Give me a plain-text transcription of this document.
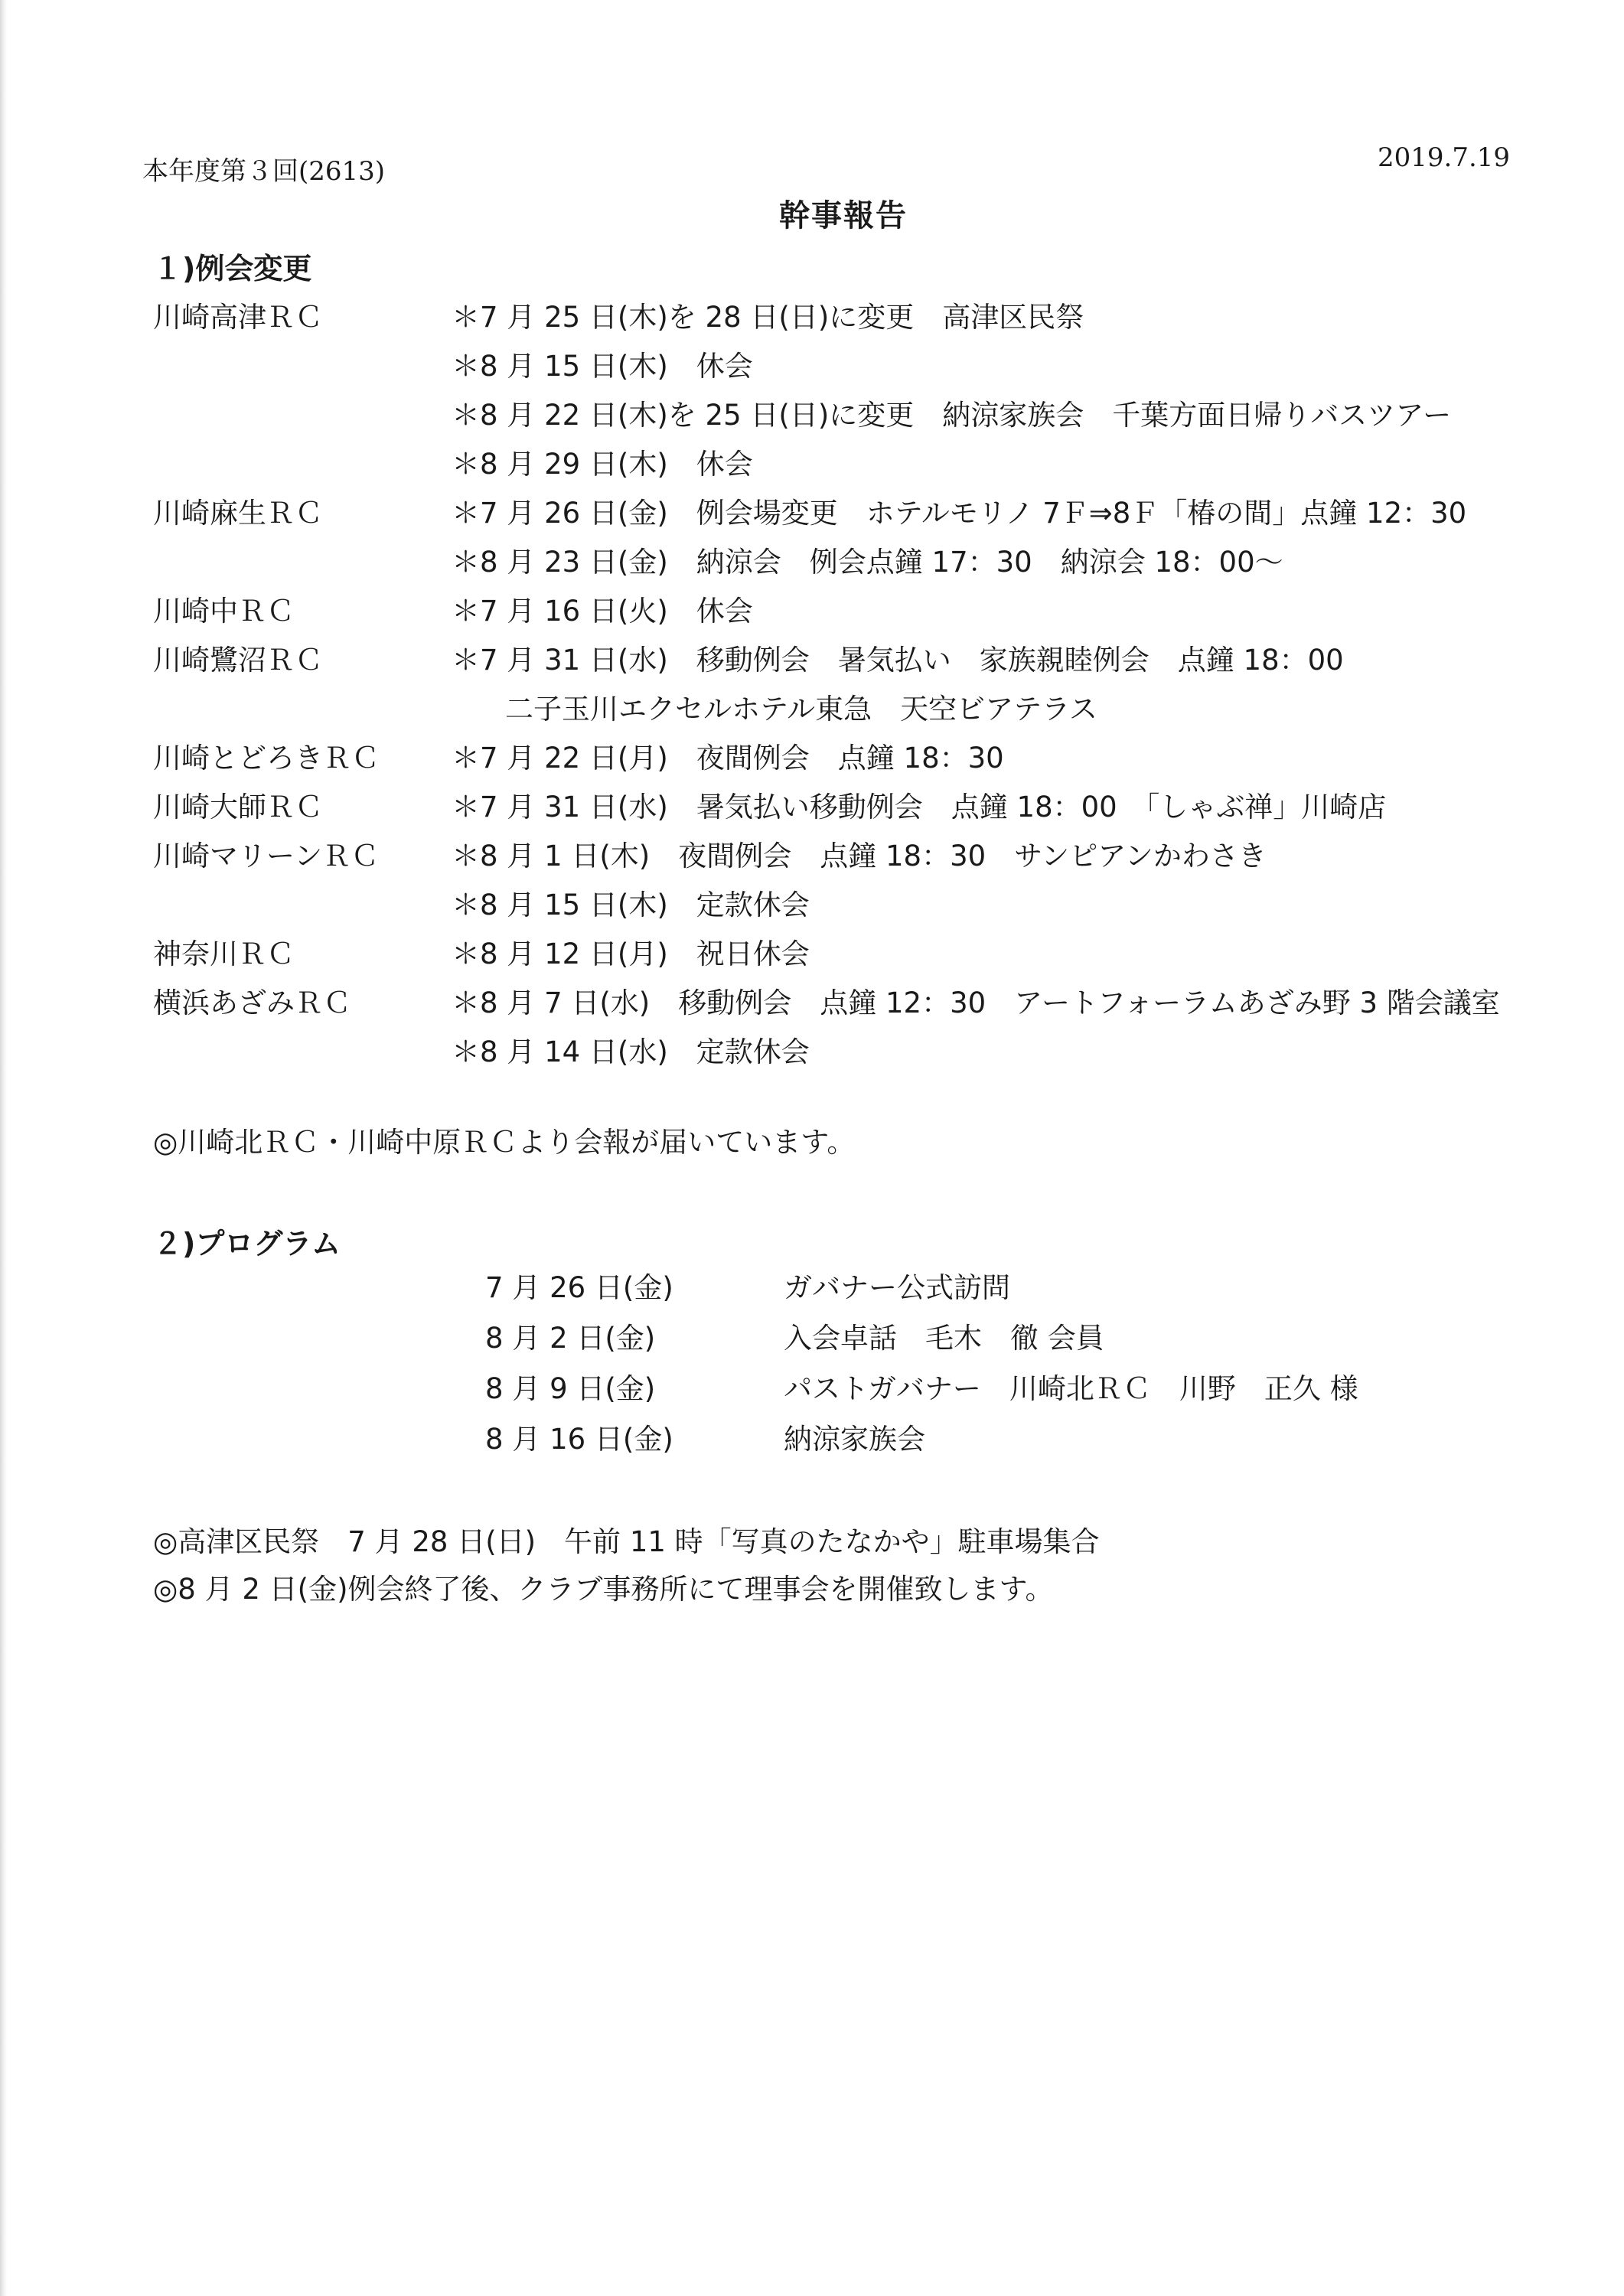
本年度第３回(2613)	2019.7.19
幹事報告
１)例会変更
川崎高津ＲＣ	＊7 月 25 日(木)を 28 日(日)に変更　高津区民祭
＊8 月 15 日(木)　休会
＊8 月 22 日(木)を 25 日(日)に変更　納涼家族会　千葉方面日帰りバスツアー
＊8 月 29 日(木)　休会
川崎麻生ＲＣ	＊7 月 26 日(金)　例会場変更　ホテルモリノ 7Ｆ⇒8Ｆ「椿の間」点鐘 12：30
＊8 月 23 日(金)　納涼会　例会点鐘 17：30　納涼会 18：00～
川崎中ＲＣ	＊7 月 16 日(火)　休会
川崎鷺沼ＲＣ	＊7 月 31 日(水)　移動例会　暑気払い　家族親睦例会　点鐘 18：00
二子玉川エクセルホテル東急　天空ビアテラス
川崎とどろきＲＣ	＊7 月 22 日(月)　夜間例会　点鐘 18：30
川崎大師ＲＣ	＊7 月 31 日(水)　暑気払い移動例会　点鐘 18：00　「しゃぶ禅」川崎店
川崎マリーンＲＣ	＊8 月 1 日(木)　夜間例会　点鐘 18：30　サンピアンかわさき
＊8 月 15 日(木)　定款休会
神奈川ＲＣ	＊8 月 12 日(月)　祝日休会
横浜あざみＲＣ	＊8 月 7 日(水)　移動例会　点鐘 12：30　アートフォーラムあざみ野 3 階会議室
＊8 月 14 日(水)　定款休会
◎川崎北ＲＣ・川崎中原ＲＣより会報が届いています。
２)プログラム
7 月 26 日(金)	ガバナー公式訪問
8 月 2 日(金)	入会卓話　毛木　徹 会員
8 月 9 日(金)	パストガバナー　川崎北ＲＣ　川野　正久 様
8 月 16 日(金)	納涼家族会
◎高津区民祭　7 月 28 日(日)　午前 11 時「写真のたなかや」駐車場集合
◎8 月 2 日(金)例会終了後、クラブ事務所にて理事会を開催致します。
